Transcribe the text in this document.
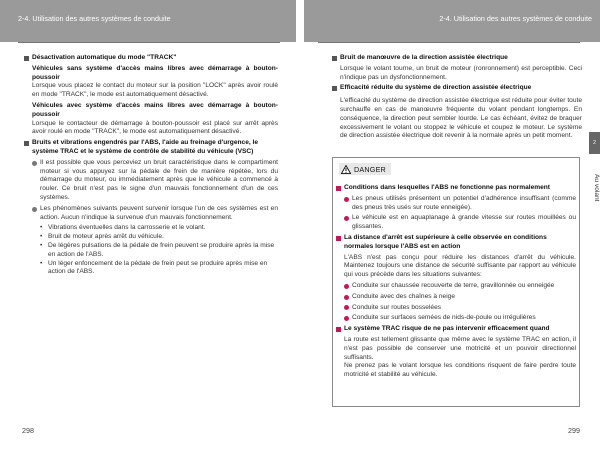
2-4. Utilisation des autres systèmes de conduite	2-4. Utilisation des autres systèmes de conduite
Désactivation automatique du mode "TRACK"
Véhicules sans système d'accès mains libres avec démarrage à bouton-poussoir

Lorsque vous placez le contact du moteur sur la position "LOCK" après avoir roulé en mode "TRACK", le mode est automatiquement désactivé.

Véhicules avec système d'accès mains libres avec démarrage à bouton-poussoir

Lorsque le contacteur de démarrage à bouton-poussoir est placé sur arrêt après avoir roulé en mode "TRACK", le mode est automatiquement désactivé.

Bruits et vibrations engendrés par l'ABS, l'aide au freinage d'urgence, le système TRAC et le système de contrôle de stabilité du véhicule (VSC)
Il est possible que vous perceviez un bruit caractéristique dans le compartiment moteur si vous appuyez sur la pédale de frein de manière répétée, lors du démarrage du moteur, ou immédiatement après que le véhicule a commencé à rouler. Ce bruit n'est pas le signe d'un mauvais fonctionnement d'un de ces systèmes.
Les phénomènes suivants peuvent survenir lorsque l'un de ces systèmes est en action. Aucun n'indique la survenue d'un mauvais fonctionnement.
• Vibrations éventuelles dans la carrosserie et le volant.
• Bruit de moteur après arrêt du véhicule.
• De légères pulsations de la pédale de frein peuvent se produire après la mise en action de l'ABS.
• Un léger enfoncement de la pédale de frein peut se produire après mise en action de l'ABS.
Bruit de manœuvre de la direction assistée électrique

Lorsque le volant tourne, un bruit de moteur (ronronnement) est perceptible. Ceci n'indique pas un dysfonctionnement.

Efficacité réduite du système de direction assistée électrique

L'efficacité du système de direction assistée électrique est réduite pour éviter toute surchauffe en cas de manœuvre fréquente du volant pendant longtemps. En conséquence, la direction peut sembler lourde. Le cas échéant, évitez de braquer excessivement le volant ou stoppez le véhicule et coupez le moteur. Le système de direction assistée électrique doit revenir à la normale après un petit moment.

DANGER
Conditions dans lesquelles l'ABS ne fonctionne pas normalement
Les pneus utilisés présentent un potentiel d'adhérence insuffisant (comme des pneus très usés sur route enneigée).
Le véhicule est en aquaplanage à grande vitesse sur routes mouillées ou glissantes.
La distance d'arrêt est supérieure à celle observée en conditions normales lorsque l'ABS est en action

L'ABS n'est pas conçu pour réduire les distances d'arrêt du véhicule. Maintenez toujours une distance de sécurité suffisante par rapport au véhicule qui vous précède dans les situations suivantes:

Conduite sur chaussée recouverte de terre, gravillonnée ou enneigée
Conduite avec des chaînes à neige
Conduite sur routes bosselées
Conduite sur surfaces semées de nids-de-poule ou irrégulières
Le système TRAC risque de ne pas intervenir efficacement quand

La route est tellement glissante que même avec le système TRAC en action, il n'est pas possible de conserver une motricité et un pouvoir directionnel suffisants.

Ne prenez pas le volant lorsque les conditions risquent de faire perdre toute motricité et stabilité au véhicule.

2
Au volant
298	299
